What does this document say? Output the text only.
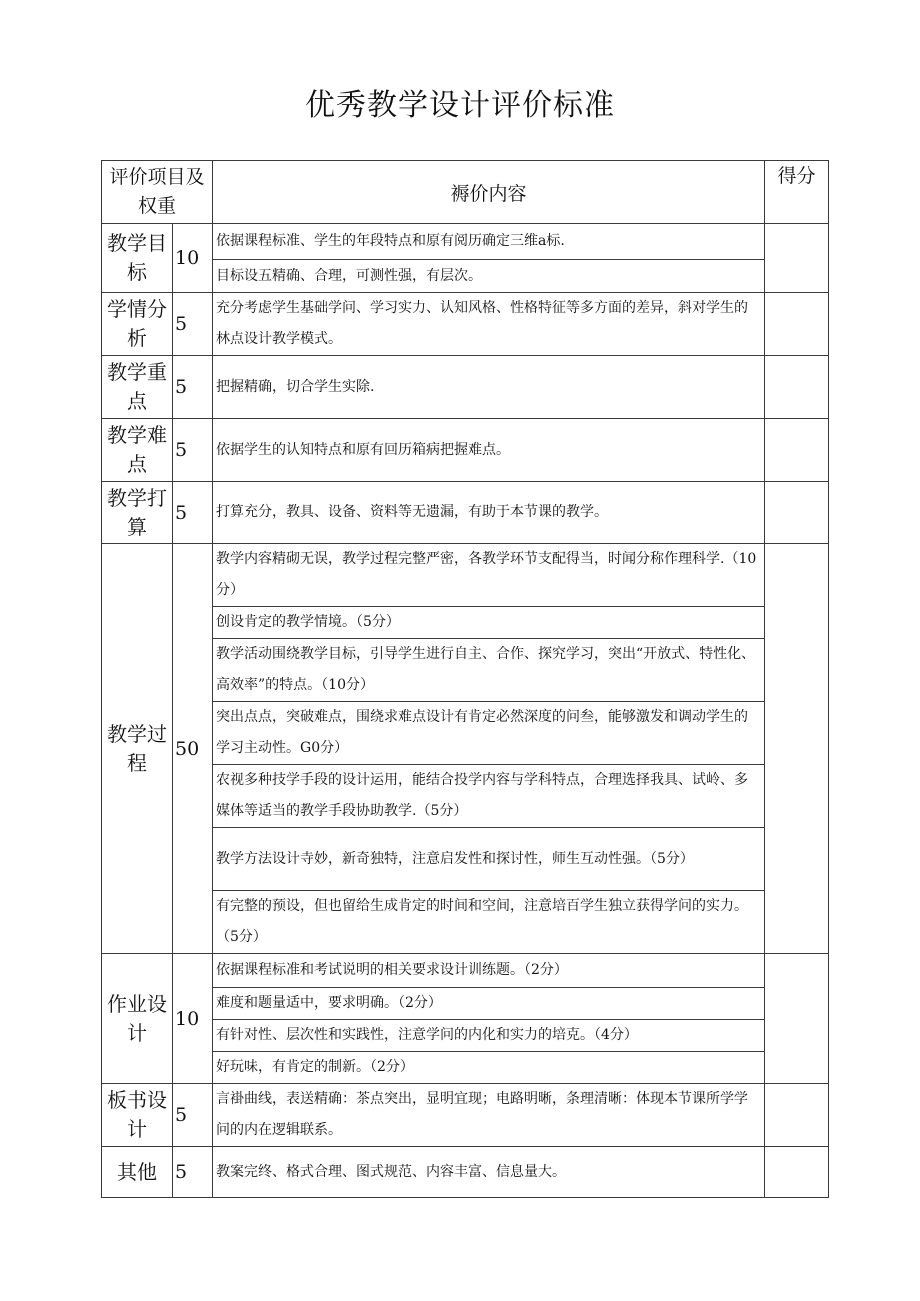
优秀教学设计评价标准
评价项目及权重		褥价内容	得分
教学目标	10	依据课程标准、学生的年段特点和原有阅历确定三维a标.	
		目标设五精确、合理，可测性强，有层次。	
学情分析	5	充分考虑学生基础学问、学习实力、认知风格、性格特征等多方面的差异，斜对学生的林点设计教学模式。	
教学重点	5	把握精确，切合学生实除.	
教学难点	5	依据学生的认知特点和原有回历箱病把握难点。	
教学打算	5	打算充分，教具、设备、资料等无遗漏，有助于本节课的教学。	
教学过程	50	教学内容精砌无误，教学过程完整严密，各教学环节支配得当，时闻分称作理科学.（10分）	
		创设肯定的教学情境。（5分）	
		教学活动围绕教学目标，引导学生进行自主、合作、探究学习，突出“开放式、特性化、高效率”的特点。（10分）	
		突出点点，突破难点，围绕求难点设计有肯定必然深度的问叁，能够激发和调动学生的学习主动性。G0分）	
		农视多种技学手段的设计运用，能结合投学内容与学科特点，合理选择我具、试岭、多媒体等适当的教学手段协助教学.（5分）	
		教学方法设计寺妙，新奇独特，注意启发性和探讨性，师生互动性强。（5分）	
		有完整的预设，但也留给生成肯定的时间和空间，注意培百学生独立获得学问的实力。（5分）	
作业设计	10	依据课程标准和考试说明的相关要求设计训练题。（2分）	
		难度和题量适中，要求明确。（2分）	
		有针对性、层次性和实践性，注意学问的内化和实力的培克。（4分）	
		好玩味，有肯定的制新。（2分）	
板书设计	5	言褂曲线，表送精确：茶点突出，显明宜现；电路明晰，条理清晰：体现本节课所学学问的内在逻辑联系。	
其他	5	教案完终、格式合理、图式规范、内容丰富、信息量大。	
